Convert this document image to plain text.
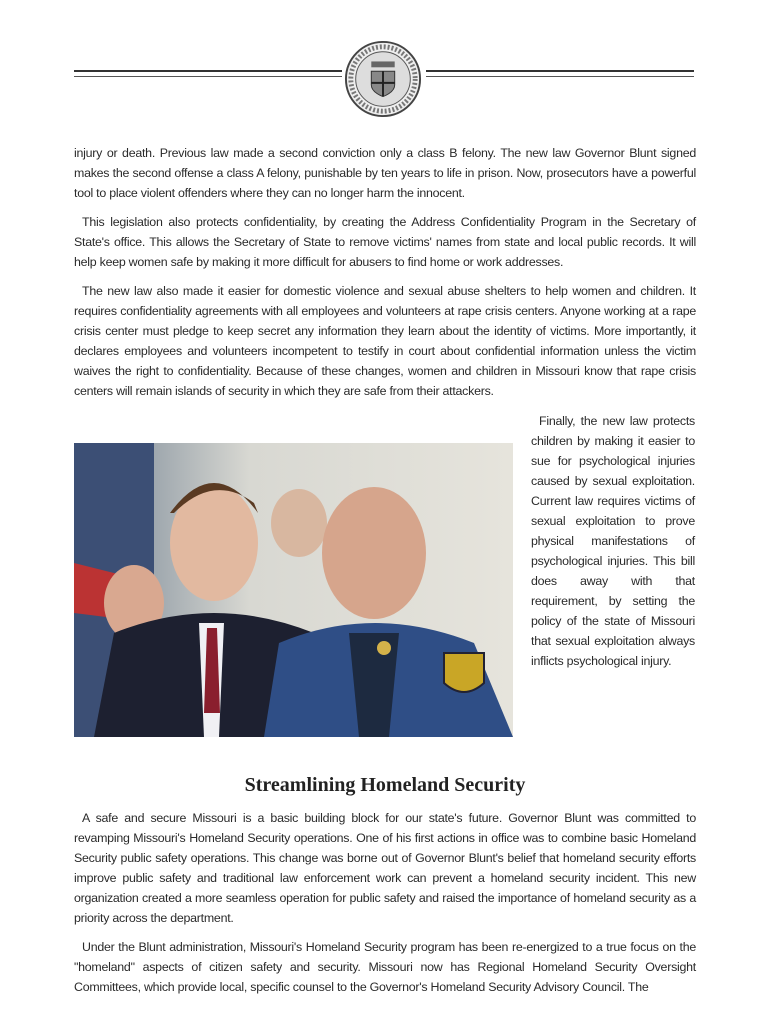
injury or death. Previous law made a second conviction only a class B felony. The new law Governor Blunt signed makes the second offense a class A felony, punishable by ten years to life in prison. Now, prosecutors have a powerful tool to place violent offenders where they can no longer harm the innocent.

This legislation also protects confidentiality, by creating the Address Confidentiality Program in the Secretary of State's office. This allows the Secretary of State to remove victims' names from state and local public records. It will help keep women safe by making it more difficult for abusers to find home or work addresses.

The new law also made it easier for domestic violence and sexual abuse shelters to help women and children. It requires confidentiality agreements with all employees and volunteers at rape crisis centers. Anyone working at a rape crisis center must pledge to keep secret any information they learn about the identity of victims. More importantly, it declares employees and volunteers incompetent to testify in court about confidential information unless the victim waives the right to confidentiality. Because of these changes, women and children in Missouri know that rape crisis centers will remain islands of security in which they are safe from their attackers.

Finally, the new law protects children by making it easier to sue for psychological injuries caused by sexual exploitation. Current law requires victims of sexual exploitation to prove physical manifestations of psychological injuries. This bill does away with that requirement, by setting the policy of the state of Missouri that sexual exploitation always inflicts psychological injury.

Streamlining Homeland Security

A safe and secure Missouri is a basic building block for our state's future. Governor Blunt was committed to revamping Missouri's Homeland Security operations. One of his first actions in office was to combine basic Homeland Security public safety operations. This change was borne out of Governor Blunt's belief that homeland security efforts improve public safety and traditional law enforcement work can prevent a homeland security incident. This new organization created a more seamless operation for public safety and raised the importance of homeland security as a priority across the department.

Under the Blunt administration, Missouri's Homeland Security program has been re-energized to a true focus on the "homeland" aspects of citizen safety and security. Missouri now has Regional Homeland Security Oversight Committees, which provide local, specific counsel to the Governor's Homeland Security Advisory Council. The
